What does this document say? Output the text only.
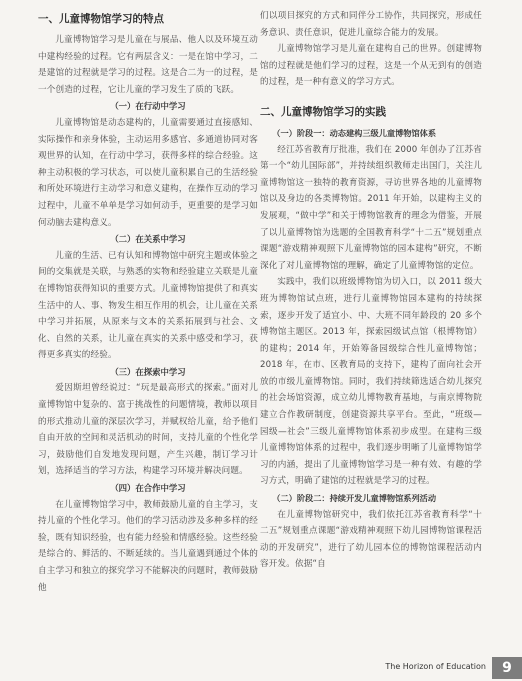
一、儿童博物馆学习的特点

儿童博物馆学习是儿童在与展品、他人以及环境互动中建构经验的过程。它有两层含义：一是在馆中学习，二是建馆的过程就是学习的过程。这是合二为一的过程，是一个创造的过程，它让儿童的学习发生了质的飞跃。

（一）在行动中学习

儿童博物馆是动态建构的，儿童需要通过直接感知、实际操作和亲身体验，主动运用多感官、多通道协同对客观世界的认知，在行动中学习，获得多样的综合经验。这种主动积极的学习状态，可以使儿童积累自己的生活经验和所处环境进行主动学习和意义建构，在操作互动的学习过程中，儿童不单单是学习如何动手，更重要的是学习如何动脑去建构意义。

（二）在关系中学习

儿童的生活、已有认知和博物馆中研究主题或体验之间的交集就是关联，与熟悉的实物和经验建立关联是儿童在博物馆获得知识的重要方式。儿童博物馆提供了和真实生活中的人、事、物发生相互作用的机会，让儿童在关系中学习并拓展，从原来与文本的关系拓展到与社会、文化、自然的关系，让儿童在真实的关系中感受和学习，获得更多真实的经验。

（三）在探索中学习

爱因斯坦曾经说过：“玩是最高形式的探索。”面对儿童博物馆中复杂的、富于挑战性的问题情境，教师以项目的形式推动儿童的深层次学习，并赋权给儿童，给予他们自由开放的空间和灵活机动的时间，支持儿童的个性化学习，鼓励他们自发地发现问题，产生兴趣，制订学习计划，选择适当的学习方法，构建学习环境并解决问题。

（四）在合作中学习

在儿童博物馆学习中，教师鼓励儿童的自主学习，支持儿童的个性化学习。他们的学习活动涉及多种多样的经验，既有知识经验，也有能力经验和情感经验。这些经验是综合的、鲜活的、不断延续的。当儿童遇到通过个体的自主学习和独立的探究学习不能解决的问题时，教师鼓励他

们以项目探究的方式和同伴分工协作，共同探究，形成任务意识、责任意识，促进儿童综合能力的发展。

儿童博物馆学习是儿童在建构自己的世界。创建博物馆的过程就是他们学习的过程，这是一个从无到有的创造的过程，是一种有意义的学习方式。

二、儿童博物馆学习的实践
（一）阶段一：动态建构三级儿童博物馆体系

经江苏省教育厅批准，我们在 2000 年创办了江苏省第一个“幼儿国际部”，并持续组织教师走出国门，关注儿童博物馆这一独特的教育资源，寻访世界各地的儿童博物馆以及身边的各类博物馆。2011 年开始，以建构主义的发展观，“做中学”和关于博物馆教育的理念为借鉴，开展了以儿童博物馆为选题的全国教育科学“十二五”规划重点课题“游戏精神观照下儿童博物馆的园本建构”研究，不断深化了对儿童博物馆的理解，确定了儿童博物馆的定位。

实践中，我们以班级博物馆为切入口，以 2011 级大班为博物馆试点班，进行儿童博物馆园本建构的持续探索，逐步开发了适宜小、中、大班不同年龄段的 20 多个博物馆主题区。2013 年，探索园级试点馆（根博物馆）的建构；2014 年，开始筹备园级综合性儿童博物馆；2018 年，在市、区教育局的支持下，建构了面向社会开放的市级儿童博物馆。同时，我们持续筛选适合幼儿探究的社会场馆资源，成立幼儿博物教育基地，与南京博物院建立合作教研制度，创建资源共享平台。至此，“班级—园级—社会”三级儿童博物馆体系初步成型。在建构三级儿童博物馆体系的过程中，我们逐步明晰了儿童博物馆学习的内涵，提出了儿童博物馆学习是一种有效、有趣的学习方式，明确了建馆的过程就是学习的过程。

（二）阶段二：持续开发儿童博物馆系列活动

在儿童博物馆研究中，我们依托江苏省教育科学“十二五”规划重点课题“游戏精神观照下幼儿园博物馆课程活动的开发研究”，进行了幼儿园本位的博物馆课程活动内容开发。依据“自

The Horizon of Education	9
